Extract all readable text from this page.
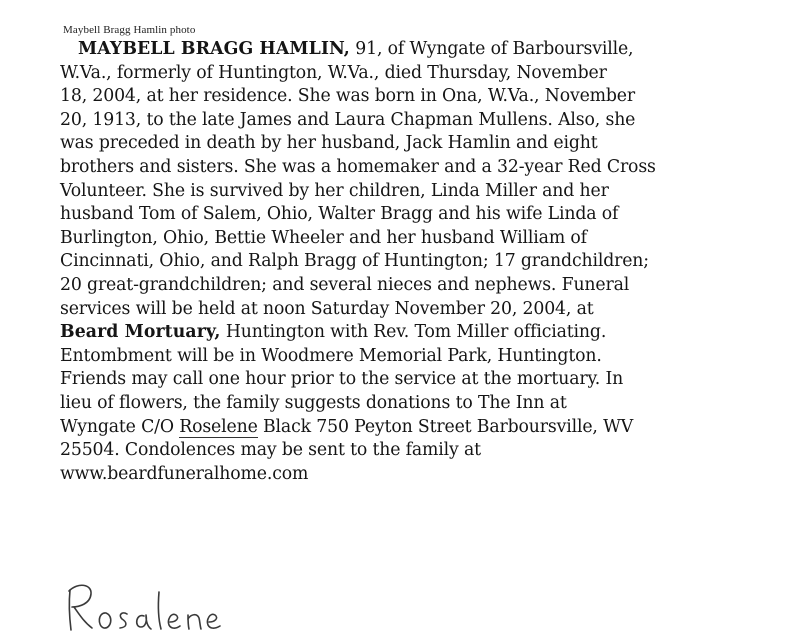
Maybell Bragg Hamlin photo
MAYBELL BRAGG HAMLIN, 91, of Wyngate of Barboursville,
W.Va., formerly of Huntington, W.Va., died Thursday, November
18, 2004, at her residence. She was born in Ona, W.Va., November
20, 1913, to the late James and Laura Chapman Mullens. Also, she
was preceded in death by her husband, Jack Hamlin and eight
brothers and sisters. She was a homemaker and a 32-year Red Cross
Volunteer. She is survived by her children, Linda Miller and her
husband Tom of Salem, Ohio, Walter Bragg and his wife Linda of
Burlington, Ohio, Bettie Wheeler and her husband William of
Cincinnati, Ohio, and Ralph Bragg of Huntington; 17 grandchildren;
20 great-grandchildren; and several nieces and nephews. Funeral
services will be held at noon Saturday November 20, 2004, at
Beard Mortuary, Huntington with Rev. Tom Miller officiating.
Entombment will be in Woodmere Memorial Park, Huntington.
Friends may call one hour prior to the service at the mortuary. In
lieu of flowers, the family suggests donations to The Inn at
Wyngate C/O Roselene Black 750 Peyton Street Barboursville, WV
25504. Condolences may be sent to the family at
www.beardfuneralhome.com
